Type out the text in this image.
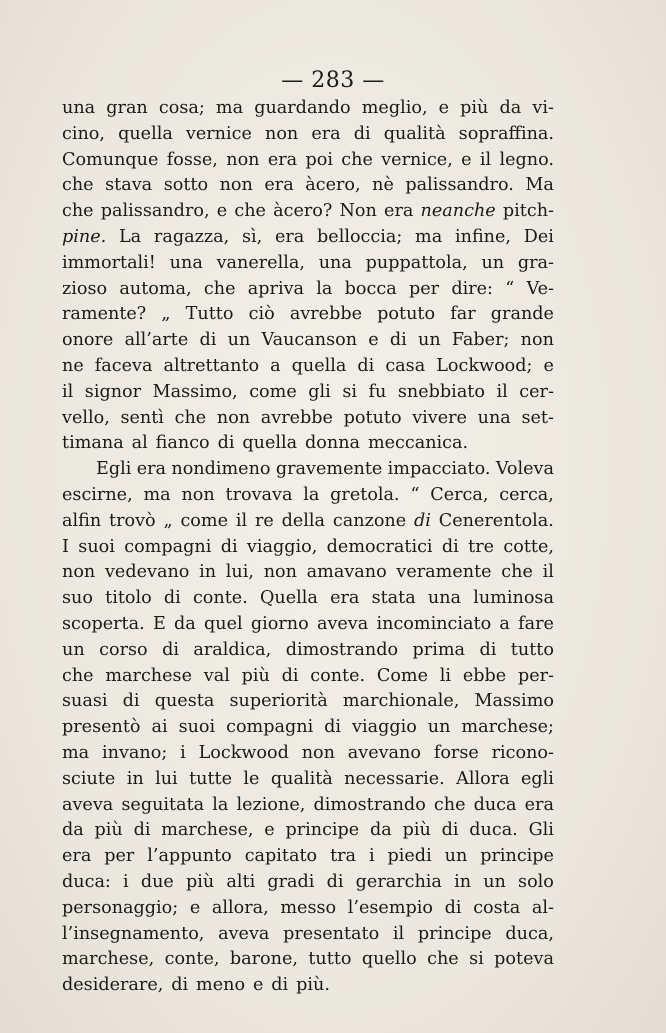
— 283 —
una gran cosa; ma guardando meglio, e più da vi-
cino, quella vernice non era di qualità sopraffina.
Comunque fosse, non era poi che vernice, e il legno.
che stava sotto non era àcero, nè palissandro. Ma
che palissandro, e che àcero? Non era neanche pitch-
pine. La ragazza, sì, era belloccia; ma infine, Dei
immortali! una vanerella, una puppattola, un gra-
zioso automa, che apriva la bocca per dire: “ Ve-
ramente? „ Tutto ciò avrebbe potuto far grande
onore all’arte di un Vaucanson e di un Faber; non
ne faceva altrettanto a quella di casa Lockwood; e
il signor Massimo, come gli si fu snebbiato il cer-
vello, sentì che non avrebbe potuto vivere una set-
timana al fianco di quella donna meccanica.
Egli era nondimeno gravemente impacciato. Voleva
escirne, ma non trovava la gretola. “ Cerca, cerca,
alfin trovò „ come il re della canzone di Cenerentola.
I suoi compagni di viaggio, democratici di tre cotte,
non vedevano in lui, non amavano veramente che il
suo titolo di conte. Quella era stata una luminosa
scoperta. E da quel giorno aveva incominciato a fare
un corso di araldica, dimostrando prima di tutto
che marchese val più di conte. Come li ebbe per-
suasi di questa superiorità marchionale, Massimo
presentò ai suoi compagni di viaggio un marchese;
ma invano; i Lockwood non avevano forse ricono-
sciute in lui tutte le qualità necessarie. Allora egli
aveva seguitata la lezione, dimostrando che duca era
da più di marchese, e principe da più di duca. Gli
era per l’appunto capitato tra i piedi un principe
duca: i due più alti gradi di gerarchia in un solo
personaggio; e allora, messo l’esempio di costa al-
l’insegnamento, aveva presentato il principe duca,
marchese, conte, barone, tutto quello che si poteva
desiderare, di meno e di più.
